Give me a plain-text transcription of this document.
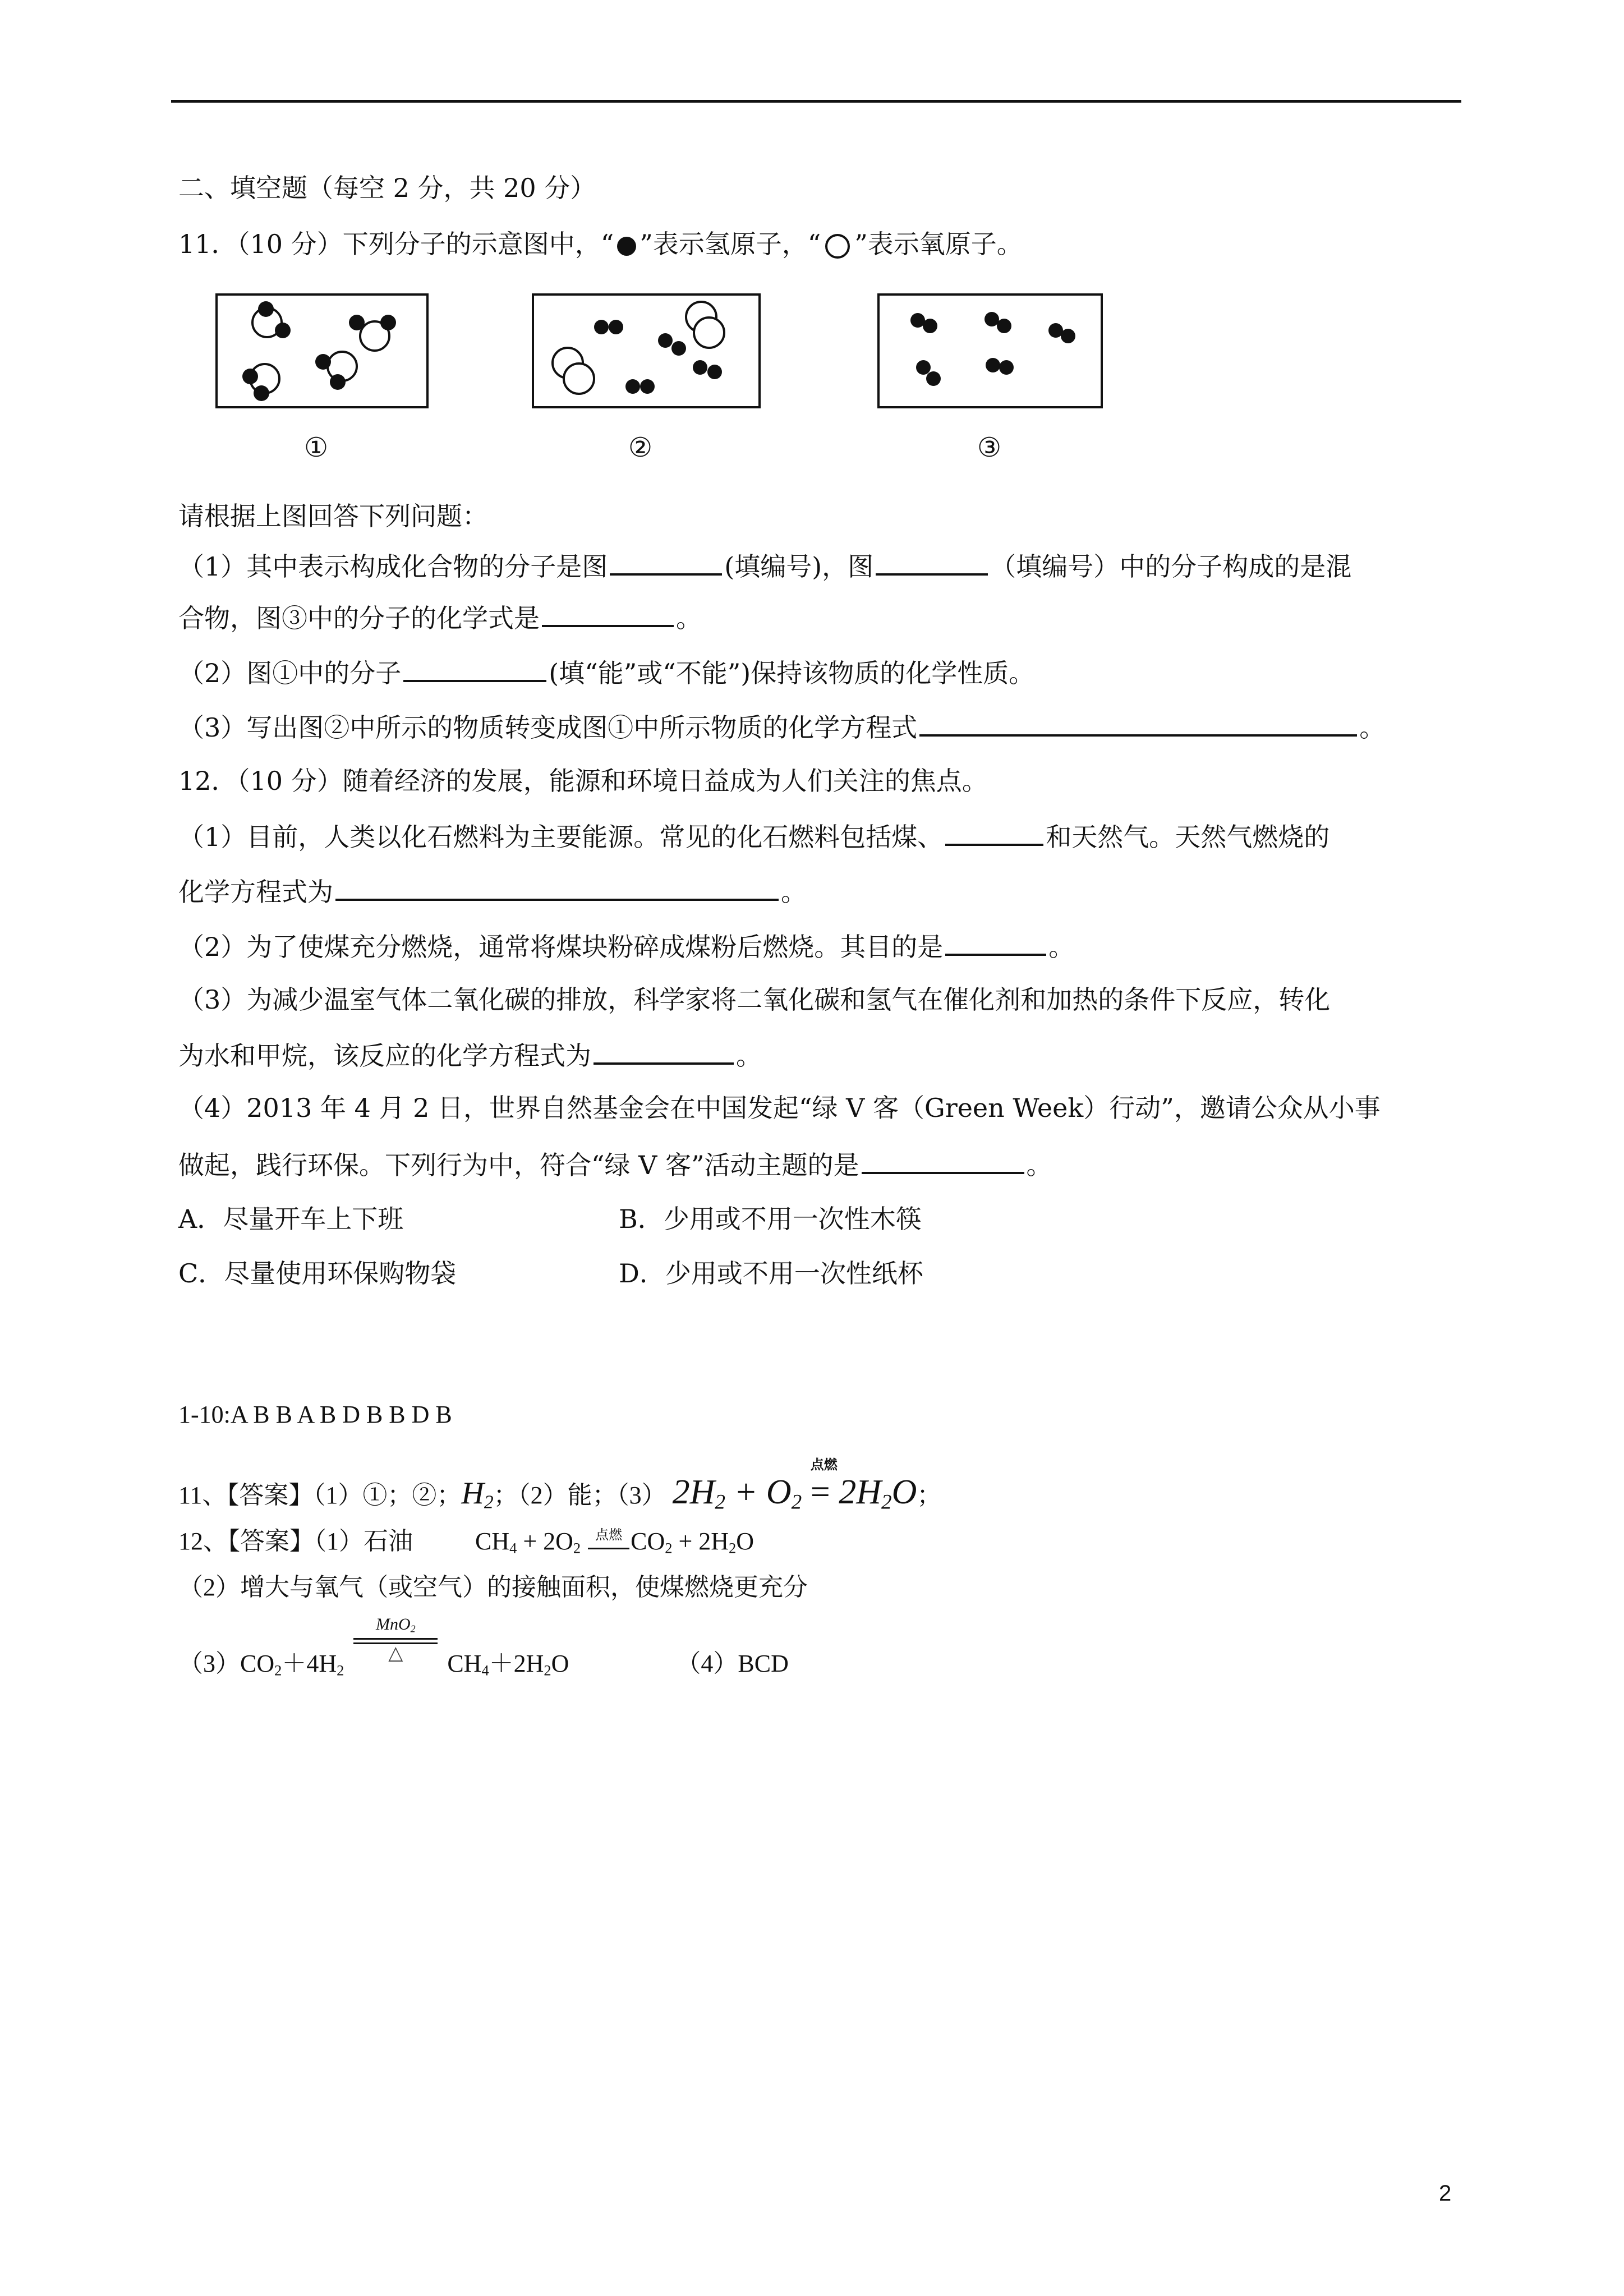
二、填空题（每空 2 分，共 20 分）
11．（10 分）下列分子的示意图中，“ ”表示氢原子，“ ”表示氧原子。
①	②	③
请根据上图回答下列问题：
（1）其中表示构成化合物的分子是图	(填编号)，图	（填编号）中的分子构成的是混
合物，图③中的分子的化学式是	。
（2）图①中的分子	(填“能”或“不能”)保持该物质的化学性质。
（3）写出图②中所示的物质转变成图①中所示物质的化学方程式	。
12．（10 分）随着经济的发展，能源和环境日益成为人们关注的焦点。
（1）目前，人类以化石燃料为主要能源。常见的化石燃料包括煤、	和天然气。天然气燃烧的
化学方程式为	。
（2）为了使煤充分燃烧，通常将煤块粉碎成煤粉后燃烧。其目的是	。
（3）为减少温室气体二氧化碳的排放，科学家将二氧化碳和氢气在催化剂和加热的条件下反应，转化
为水和甲烷，该反应的化学方程式为	。
（4）2013 年 4 月 2 日，世界自然基金会在中国发起“绿 V 客（Green Week）行动”，邀请公众从小事
做起，践行环保。下列行为中，符合“绿 V 客”活动主题的是	。
A．尽量开车上下班	B．少用或不用一次性木筷
C．尽量使用环保购物袋	D．少用或不用一次性纸杯
1-10:A B B A B D B B D B
11、【答案】（1）①；②；$H_2$；（2）能；（3） $2H_2 + O_2$
点燃
= $2H_2O$；
12、【答案】（1）石油	$CH_4 + 2O_2$
点燃 $CO_2 + 2H_2O$
（2）增大与氧气（或空气）的接触面积，使煤燃烧更充分
$(3)CO_2+4H_2$
MnO$_2$
△	$CH_4+2H_2O$	（4）BCD
2
